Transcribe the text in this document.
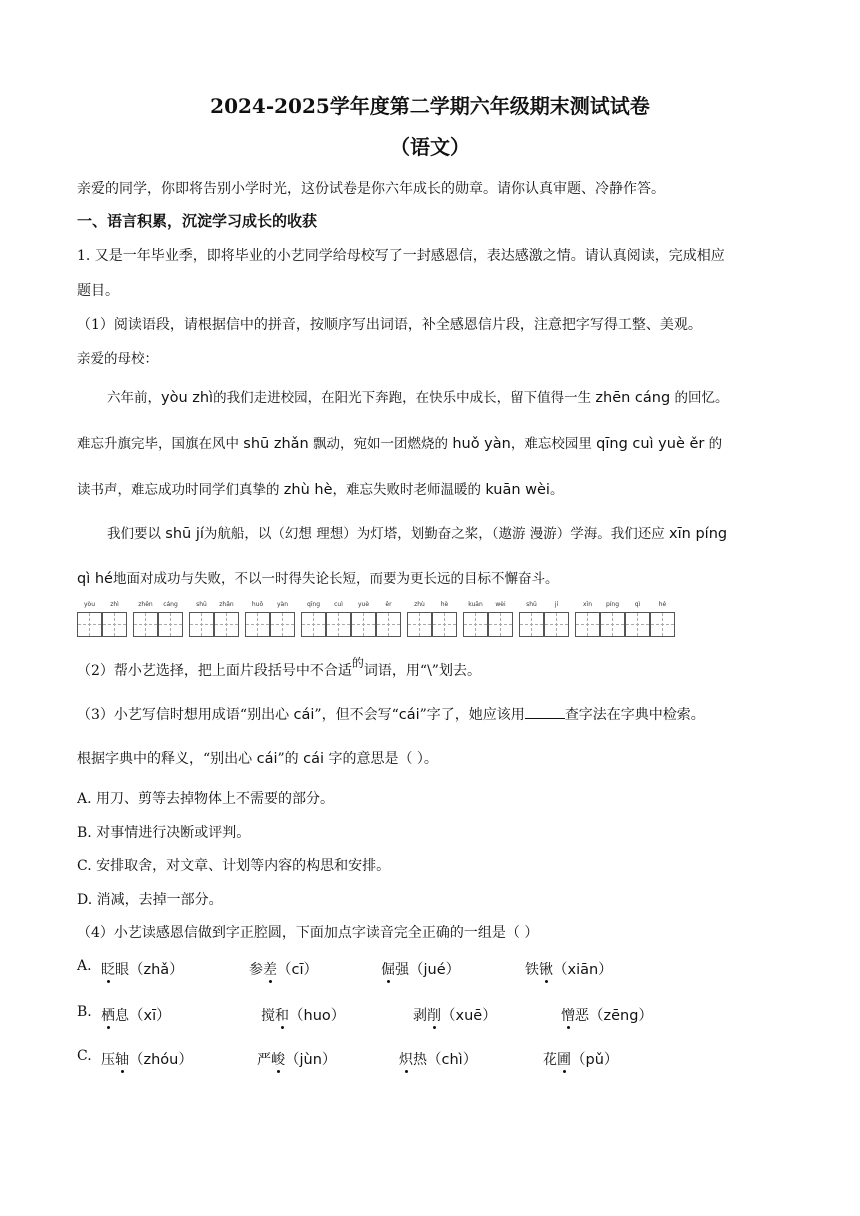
2024-2025学年度第二学期六年级期末测试试卷
（语文）
亲爱的同学，你即将告别小学时光，这份试卷是你六年成长的勋章。请你认真审题、冷静作答。
一、语言积累，沉淀学习成长的收获
1. 又是一年毕业季，即将毕业的小艺同学给母校写了一封感恩信，表达感激之情。请认真阅读，完成相应
题目。
（1）阅读语段，请根据信中的拼音，按顺序写出词语，补全感恩信片段，注意把字写得工整、美观。
亲爱的母校：
六年前，yòu zhì的我们走进校园，在阳光下奔跑，在快乐中成长，留下值得一生 zhēn cáng 的回忆。
难忘升旗完毕，国旗在风中 shū zhǎn 飘动，宛如一团燃烧的 huǒ yàn，难忘校园里 qīng cuì yuè ěr 的
读书声，难忘成功时同学们真挚的 zhù hè，难忘失败时老师温暖的 kuān wèi。
我们要以 shū jí为航船，以（幻想 理想）为灯塔，划勤奋之桨，（遨游 漫游）学海。我们还应 xīn píng
qì hé地面对成功与失败，不以一时得失论长短，而要为更长远的目标不懈奋斗。
yòu	zhì	zhēn	cáng	shū	zhǎn	huǒ	yàn	qīng	cuì	yuè	ěr	zhù	hè	kuān	wèi	shū	jí	xīn	píng	qì	hé
（2）帮小艺选择，把上面片段括号中不合适的词语，用“\”划去。
（3）小艺写信时想用成语“别出心 cái”，但不会写“cái”字了，她应该用	查字法在字典中检索。
根据字典中的释义，“别出心 cái”的 cái 字的意思是（ ）。
A. 用刀、剪等去掉物体上不需要的部分。
B. 对事情进行决断或评判。
C. 安排取舍，对文章、计划等内容的构思和安排。
D. 消减，去掉一部分。
（4）小艺读感恩信做到字正腔圆，下面加点字读音完全正确的一组是（ ）
A. 眨眼（zhǎ）	参差（cī）	倔强（jué）	铁锹（xiān）
B. 栖息（xī）	搅和（huo）	剥削（xuē）	憎恶（zēng）
C. 压轴（zhóu）	严峻（jùn）	炽热（chì）	花圃（pǔ）
